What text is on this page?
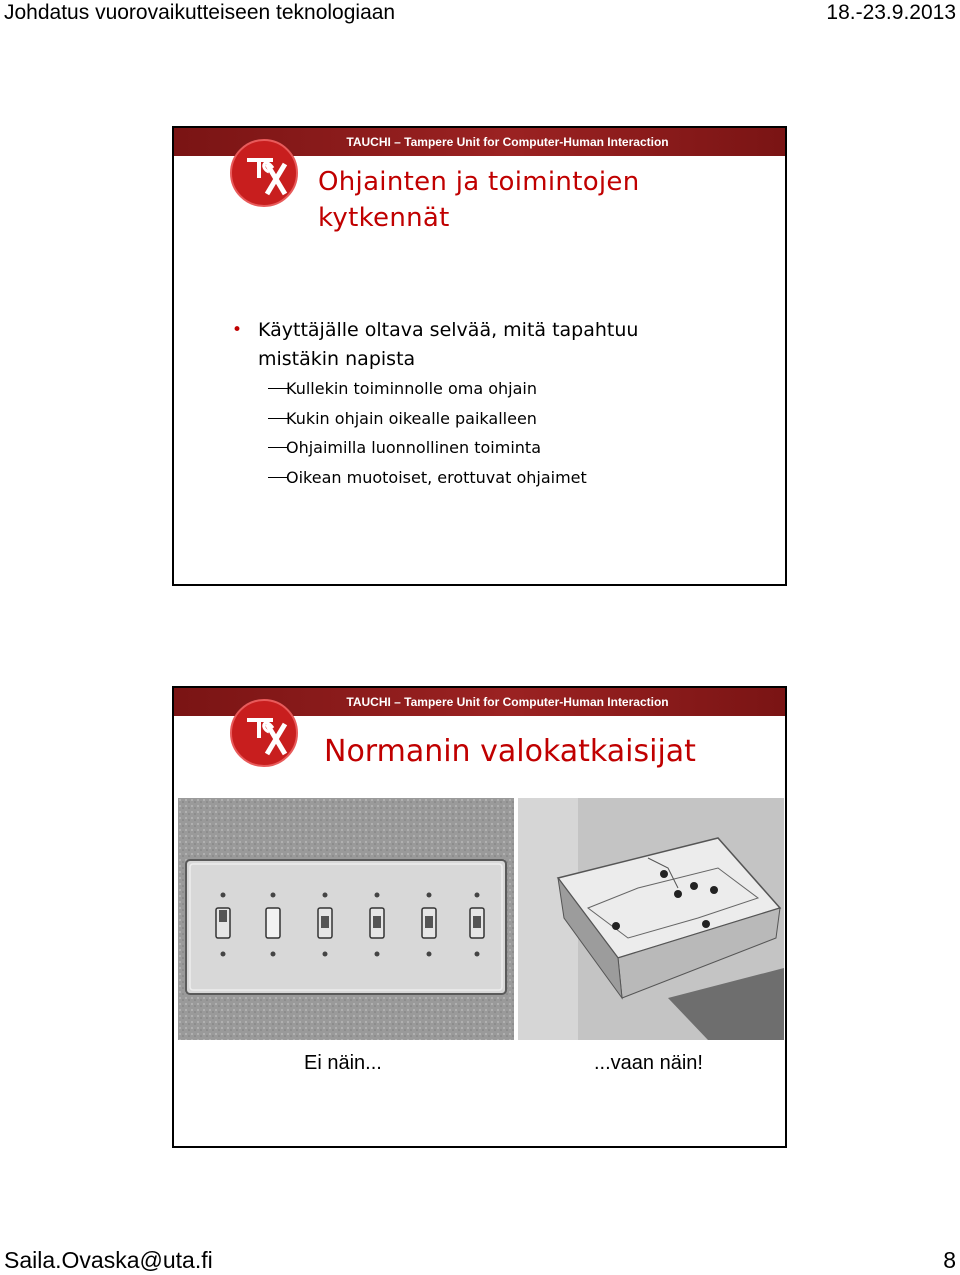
Johdatus vuorovaikutteiseen teknologiaan	18.-23.9.2013
TAUCHI – Tampere Unit for Computer-Human Interaction
Ohjainten ja toimintojen
kytkennät
• Käyttäjälle oltava selvää, mitä tapahtuu
mistäkin napista
Kullekin toiminnolle oma ohjain
Kukin ohjain oikealle paikalleen
Ohjaimilla luonnollinen toiminta
Oikean muotoiset, erottuvat ohjaimet
TAUCHI – Tampere Unit for Computer-Human Interaction
Normanin valokatkaisijat
Ei näin...	...vaan näin!
Saila.Ovaska@uta.fi	8
